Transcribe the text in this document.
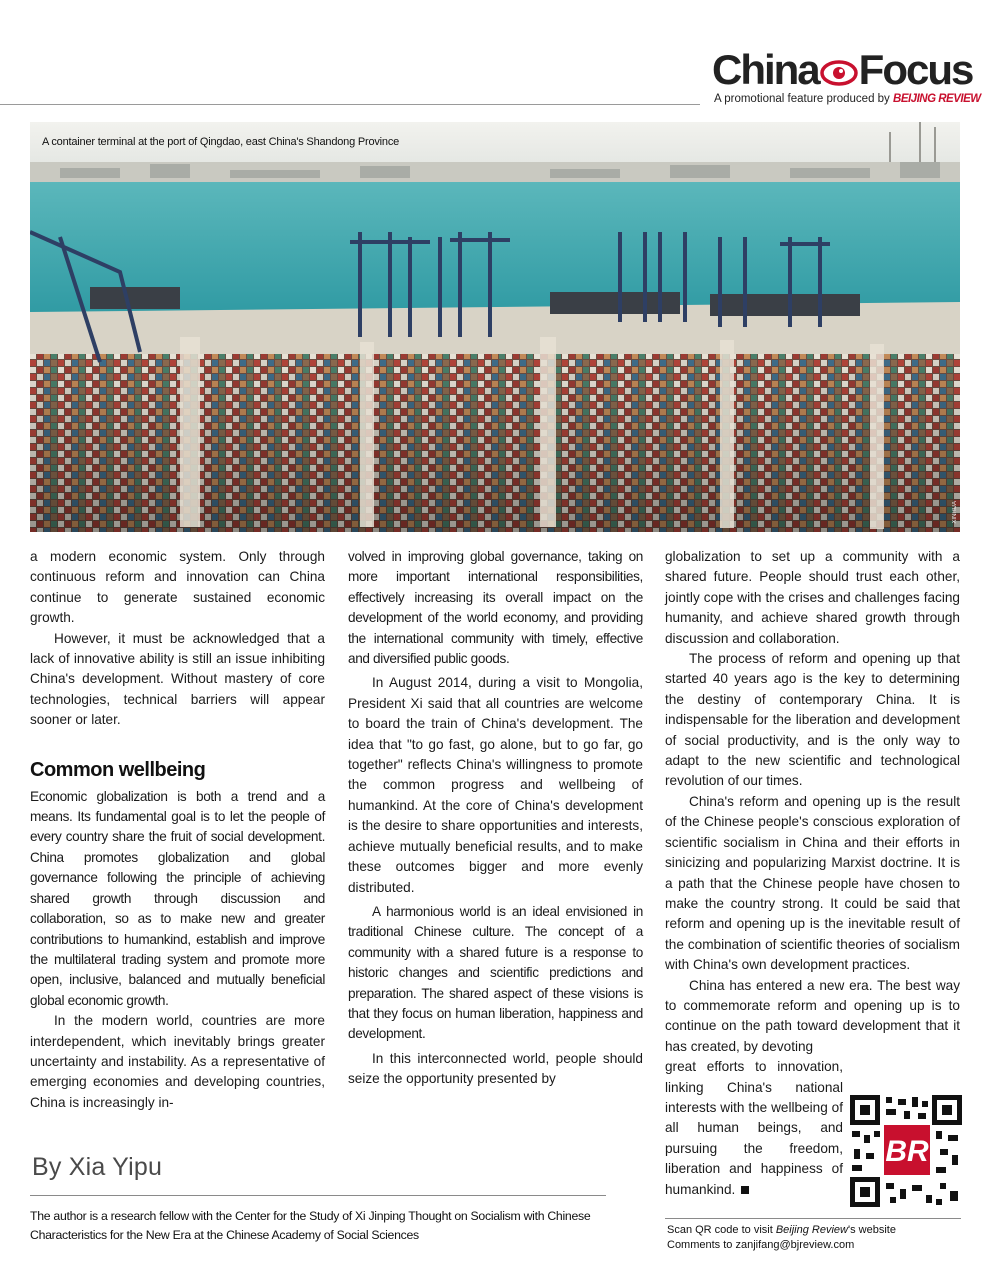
China Focus
A promotional feature produced by BEIJING REVIEW
A container terminal at the port of Qingdao, east China's Shandong Province
XINHUA

a modern economic system. Only through continuous reform and innovation can China continue to generate sustained economic growth.

However, it must be acknowledged that a lack of innovative ability is still an issue inhibiting China's development. Without mastery of core technologies, technical barriers will appear sooner or later.

Common wellbeing

Economic globalization is both a trend and a means. Its fundamental goal is to let the people of every country share the fruit of social development. China promotes globalization and global governance following the principle of achieving shared growth through discussion and collaboration, so as to make new and greater contributions to humankind, establish and improve the multilateral trading system and promote more open, inclusive, balanced and mutually beneficial global economic growth.

In the modern world, countries are more interdependent, which inevitably brings greater uncertainty and instability. As a representative of emerging economies and developing countries, China is increasingly in-

volved in improving global governance, taking on more important international responsibilities, effectively increasing its overall impact on the development of the world economy, and providing the international community with timely, effective and diversified public goods.

In August 2014, during a visit to Mongolia, President Xi said that all countries are welcome to board the train of China's development. The idea that "to go fast, go alone, but to go far, go together" reflects China's willingness to promote the common progress and wellbeing of humankind. At the core of China's development is the desire to share opportunities and interests, achieve mutually beneficial results, and to make these outcomes bigger and more evenly distributed.

A harmonious world is an ideal envisioned in traditional Chinese culture. The concept of a community with a shared future is a response to historic changes and scientific predictions and preparation. The shared aspect of these visions is that they focus on human liberation, happiness and development.

In this interconnected world, people should seize the opportunity presented by

globalization to set up a community with a shared future. People should trust each other, jointly cope with the crises and challenges facing humanity, and achieve shared growth through discussion and collaboration.

The process of reform and opening up that started 40 years ago is the key to determining the destiny of contemporary China. It is indispensable for the liberation and development of social productivity, and is the only way to adapt to the new scientific and technological revolution of our times.

China's reform and opening up is the result of the Chinese people's conscious exploration of scientific socialism in China and their efforts in sinicizing and popularizing Marxist doctrine. It is a path that the Chinese people have chosen to make the country strong. It could be said that reform and opening up is the inevitable result of the combination of scientific theories of socialism with China's own development practices.

China has entered a new era. The best way to commemorate reform and opening up is to continue on the path toward development that it has created, by devoting

great efforts to innovation, linking China's national interests with the wellbeing of all human beings, and pursuing the freedom, liberation and happiness of humankind.

BR
By Xia Yipu
The author is a research fellow with the Center for the Study of Xi Jinping Thought on Socialism with Chinese Characteristics for the New Era at the Chinese Academy of Social Sciences	Scan QR code to visit Beijing Review's website
Comments to zanjifang@bjreview.com
